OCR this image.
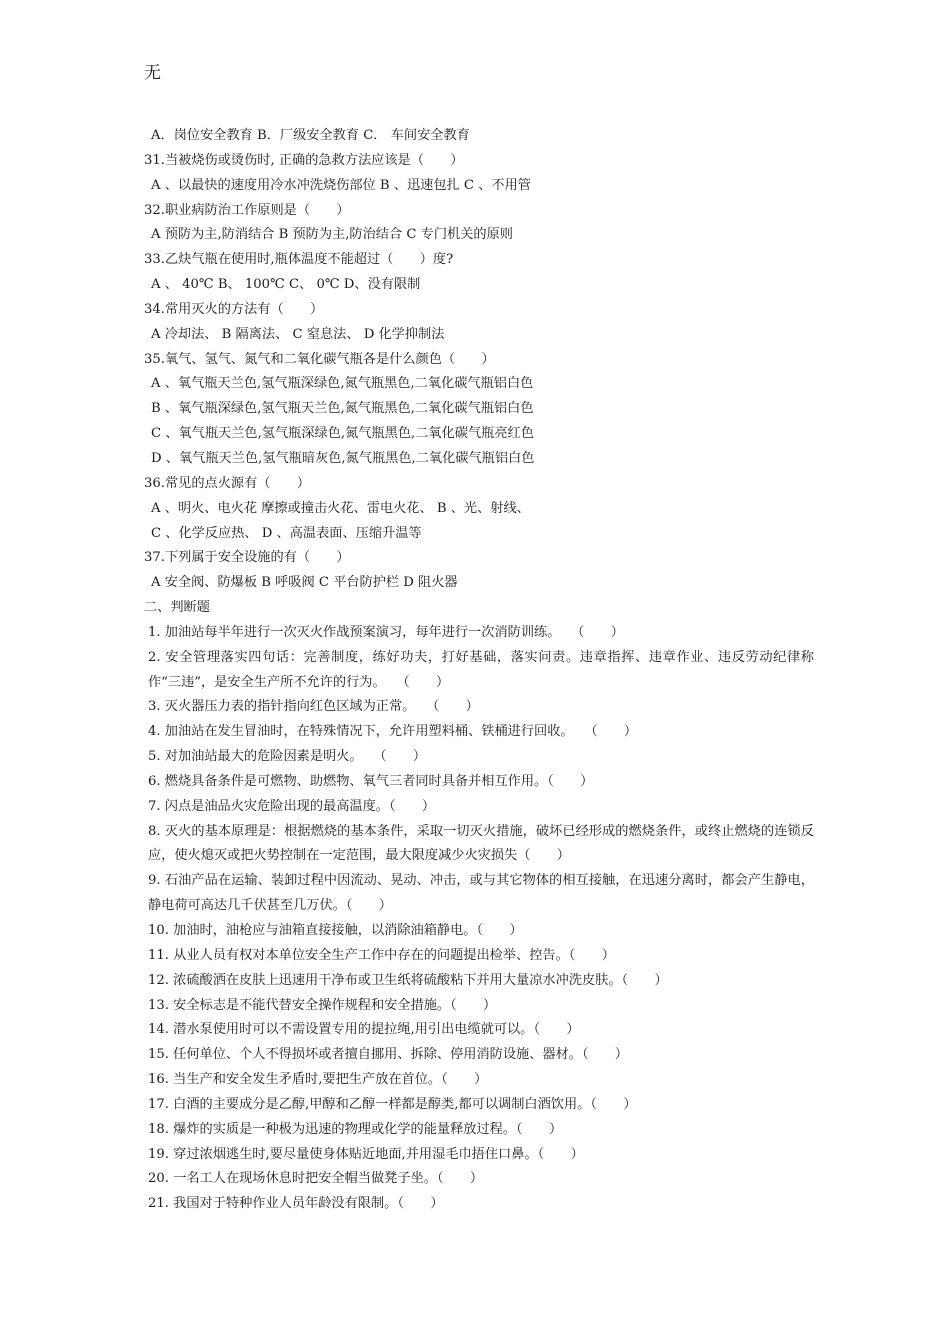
无
A．岗位安全教育 B．厂级安全教育 C． 车间安全教育
31.当被烧伤或烫伤时, 正确的急救方法应该是（　　）
A 、以最快的速度用冷水冲洗烧伤部位 B 、迅速包扎 C 、不用管
32.职业病防治工作原则是（　　）
A 预防为主,防消结合 B 预防为主,防治结合 C 专门机关的原则
33.乙炔气瓶在使用时,瓶体温度不能超过（　　）度?
A 、 40℃ B、 100℃ C、 0℃ D、没有限制
34.常用灭火的方法有（　　）
A 冷却法、 B 隔离法、 C 窒息法、 D 化学抑制法
35.氧气、氢气、氮气和二氧化碳气瓶各是什么颜色（　　）
A 、氧气瓶天兰色,氢气瓶深绿色,氮气瓶黑色,二氧化碳气瓶铝白色
B 、氧气瓶深绿色,氢气瓶天兰色,氮气瓶黑色,二氧化碳气瓶铝白色
C 、氧气瓶天兰色,氢气瓶深绿色,氮气瓶黑色,二氧化碳气瓶亮红色
D 、氧气瓶天兰色,氢气瓶暗灰色,氮气瓶黑色,二氧化碳气瓶铝白色
36.常见的点火源有（　　）
A 、明火、电火花 摩擦或撞击火花、雷电火花、 B 、光、射线、
C 、化学反应热、 D 、高温表面、压缩升温等
37.下列属于安全设施的有（　　）
A 安全阀、防爆板 B 呼吸阀 C 平台防护栏 D 阻火器
二、判断题
1. 加油站每半年进行一次灭火作战预案演习，每年进行一次消防训练。　 （　　）
2. 安全管理落实四句话：完善制度，练好功夫，打好基础，落实问责。违章指挥、违章作业、违反劳动纪律称作“三违”，是安全生产所不允许的行为。　 （　　）
3. 灭火器压力表的指针指向红色区域为正常。　 （　　）
4. 加油站在发生冒油时，在特殊情况下，允许用塑料桶、铁桶进行回收。　 （　　）
5. 对加油站最大的危险因素是明火。　 （　　）
6. 燃烧具备条件是可燃物、助燃物、氧气三者同时具备并相互作用。（　　）
7. 闪点是油品火灾危险出现的最高温度。（　　）
8. 灭火的基本原理是：根据燃烧的基本条件，采取一切灭火措施，破坏已经形成的燃烧条件，或终止燃烧的连锁反应，使火熄灭或把火势控制在一定范围，最大限度减少火灾损失（　　）
9. 石油产品在运输、装卸过程中因流动、晃动、冲击，或与其它物体的相互接触，在迅速分离时，都会产生静电，静电荷可高达几千伏甚至几万伏。（　　）
10. 加油时，油枪应与油箱直接接触，以消除油箱静电。（　　）
11. 从业人员有权对本单位安全生产工作中存在的问题提出检举、控告。（　　）
12. 浓硫酸洒在皮肤上迅速用干净布或卫生纸将硫酸粘下并用大量凉水冲洗皮肤。（　　）
13. 安全标志是不能代替安全操作规程和安全措施。（　　）
14. 潜水泵使用时可以不需设置专用的提拉绳,用引出电缆就可以。（　　）
15. 任何单位、个人不得损坏或者擅自挪用、拆除、停用消防设施、器材。（　　）
16. 当生产和安全发生矛盾时,要把生产放在首位。（　　）
17. 白酒的主要成分是乙醇,甲醇和乙醇一样都是醇类,都可以调制白酒饮用。（　　）
18. 爆炸的实质是一种极为迅速的物理或化学的能量释放过程。（　　）
19. 穿过浓烟逃生时,要尽量使身体贴近地面,并用湿毛巾捂住口鼻。（　　）
20. 一名工人在现场休息时把安全帽当做凳子坐。（　　）
21. 我国对于特种作业人员年龄没有限制。（　　）
